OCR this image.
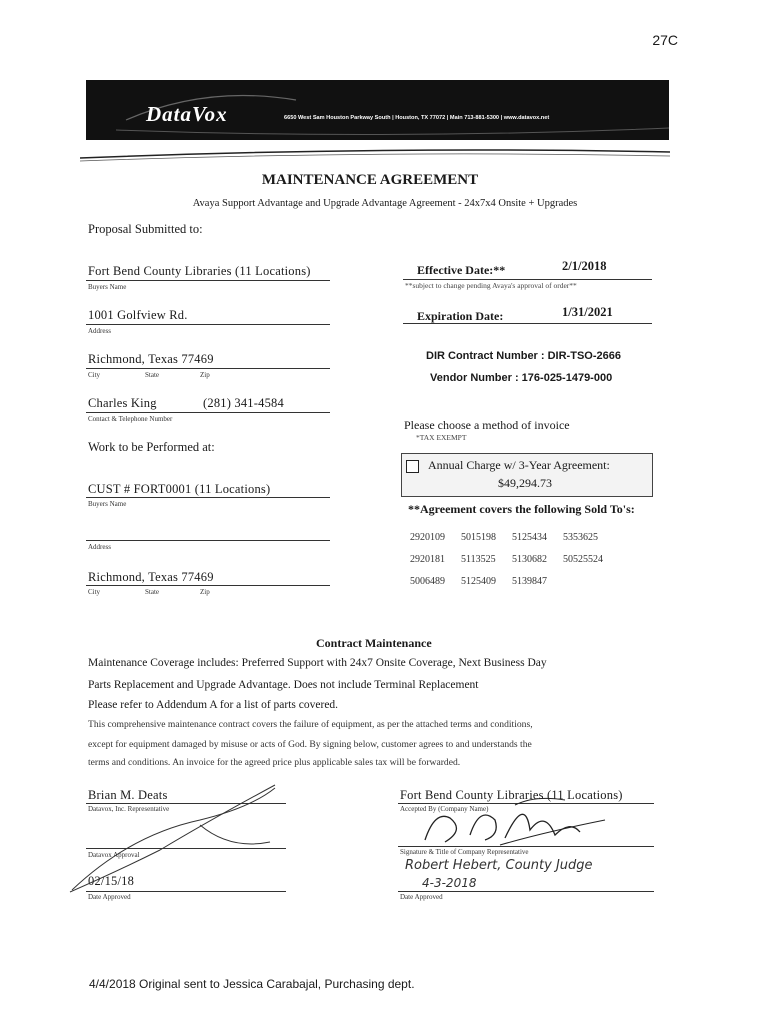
27C
DataVox	6650 West Sam Houston Parkway South | Houston, TX 77072 | Main 713-881-5300 | www.datavox.net
MAINTENANCE AGREEMENT
Avaya Support Advantage and Upgrade Advantage Agreement - 24x7x4 Onsite + Upgrades
Proposal Submitted to:
Fort Bend County Libraries (11 Locations)
Buyers Name
1001 Golfview Rd.
Address
Richmond, Texas 77469
City	State	Zip
Charles King	(281) 341-4584
Contact & Telephone Number
Effective Date:**	2/1/2018
**subject to change pending Avaya's approval of order**
Expiration Date:	1/31/2021
DIR Contract Number : DIR-TSO-2666
Vendor Number : 176-025-1479-000
Work to be Performed at:
CUST # FORT0001 (11 Locations)
Buyers Name
Address
Richmond, Texas 77469
City	State	Zip
Please choose a method of invoice
*TAX EXEMPT
Annual Charge w/ 3-Year Agreement:
$49,294.73
**Agreement covers the following Sold To's:
2920109 5015198 5125434 5353625
2920181 5113525 5130682 50525524
5006489 5125409 5139847
Contract Maintenance
Maintenance Coverage includes: Preferred Support with 24x7 Onsite Coverage, Next Business Day
Parts Replacement and Upgrade Advantage. Does not include Terminal Replacement
Please refer to Addendum A for a list of parts covered.
This comprehensive maintenance contract covers the failure of equipment, as per the attached terms and conditions,
except for equipment damaged by misuse or acts of God. By signing below, customer agrees to and understands the
terms and conditions. An invoice for the agreed price plus applicable sales tax will be forwarded.
Brian M. Deats
Datavox, Inc. Representative
Datavox Approval
02/15/18
Date Approved
Fort Bend County Libraries (11 Locations)
Accepted By (Company Name)
Signature & Title of Company Representative
Robert Hebert, County Judge
4-3-2018
Date Approved
4/4/2018 Original sent to Jessica Carabajal, Purchasing dept.
